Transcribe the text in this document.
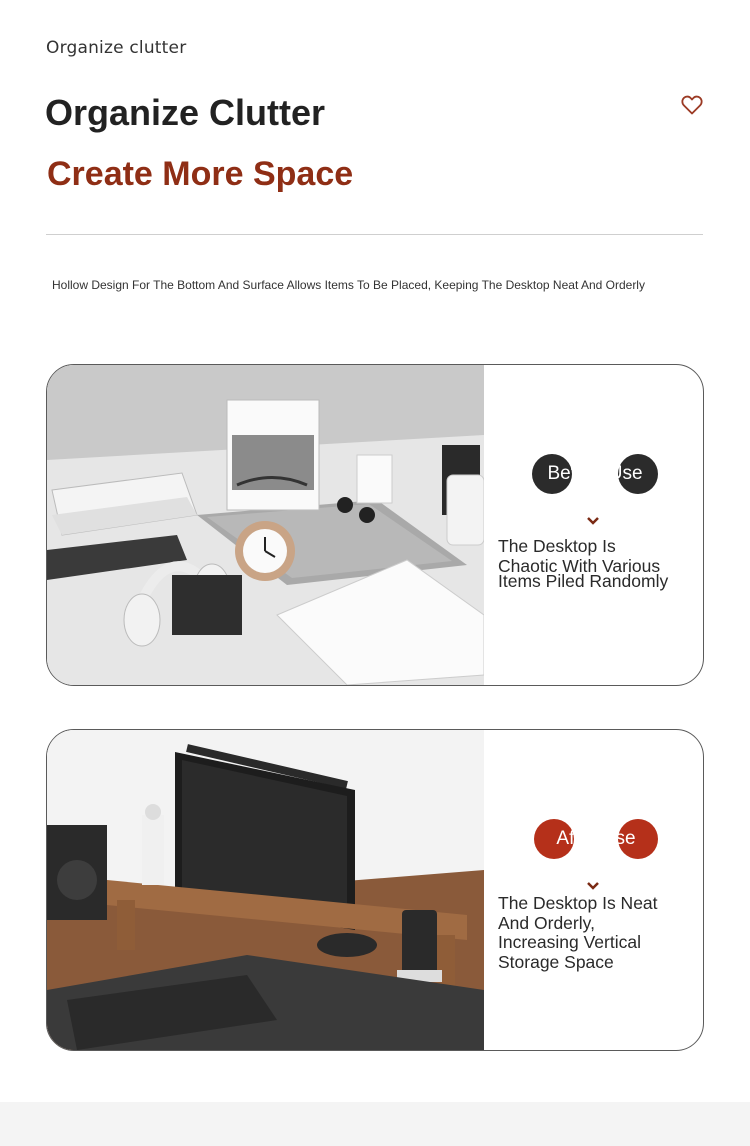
Organize clutter
Organize Clutter
Create More Space
Hollow Design For The Bottom And Surface Allows Items To Be Placed, Keeping The Desktop Neat And Orderly
Before Use
The Desktop Is
Chaotic With Various
Items Piled Randomly
After Use
The Desktop Is Neat
And Orderly,
Increasing Vertical
Storage Space
